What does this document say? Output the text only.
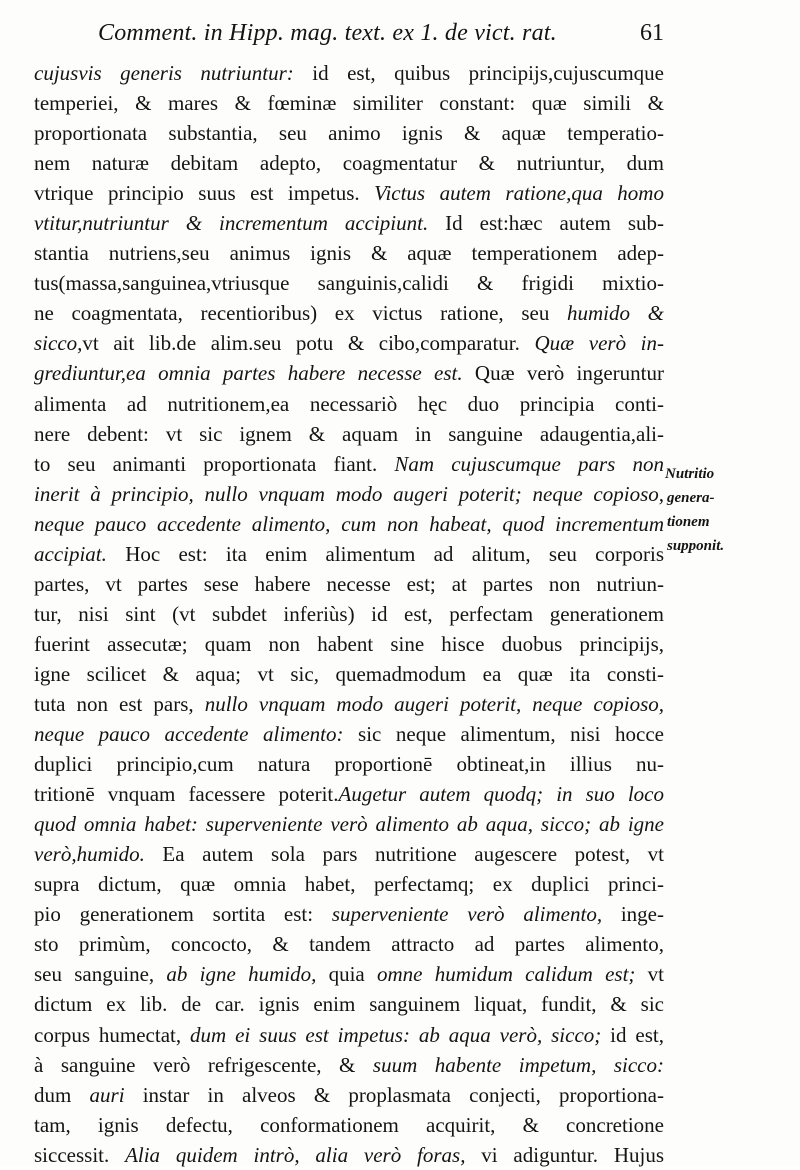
Comment. in Hipp. mag. text. ex 1. de vict. rat.	61
cujusvis generis nutriuntur: id est, quibus principijs,cujuscumque
temperiei, & mares & fœminæ similiter constant: quæ simili &
proportionata substantia, seu animo ignis & aquæ temperatio-
nem naturæ debitam adepto, coagmentatur & nutriuntur, dum
vtrique principio suus est impetus. Victus autem ratione,qua homo
vtitur,nutriuntur & incrementum accipiunt. Id est:hæc autem sub-
stantia nutriens,seu animus ignis & aquæ temperationem adep-
tus(massa,sanguinea,vtriusque sanguinis,calidi & frigidi mixtio-
ne coagmentata, recentioribus) ex victus ratione, seu humido &
sicco,vt ait lib.de alim.seu potu & cibo,comparatur. Quæ verò in-
grediuntur,ea omnia partes habere necesse est. Quæ verò ingeruntur
alimenta ad nutritionem,ea necessariò hęc duo principia conti-
nere debent: vt sic ignem & aquam in sanguine adaugentia,ali-
to seu animanti proportionata fiant. Nam cujuscumque pars non
inerit à principio, nullo vnquam modo augeri poterit; neque copioso,
neque pauco accedente alimento, cum non habeat, quod incrementum
accipiat. Hoc est: ita enim alimentum ad alitum, seu corporis
partes, vt partes sese habere necesse est; at partes non nutriun-
tur, nisi sint (vt subdet inferiùs) id est, perfectam generationem
fuerint assecutæ; quam non habent sine hisce duobus principijs,
igne scilicet & aqua; vt sic, quemadmodum ea quæ ita consti-
tuta non est pars, nullo vnquam modo augeri poterit, neque copioso,
neque pauco accedente alimento: sic neque alimentum, nisi hocce
duplici principio,cum natura proportionē obtineat,in illius nu-
tritionē vnquam facessere poterit.Augetur autem quodq; in suo loco
quod omnia habet: superveniente verò alimento ab aqua, sicco; ab igne
verò,humido. Ea autem sola pars nutritione augescere potest, vt
supra dictum, quæ omnia habet, perfectamq; ex duplici princi-
pio generationem sortita est: superveniente verò alimento, inge-
sto primùm, concocto, & tandem attracto ad partes alimento,
seu sanguine, ab igne humido, quia omne humidum calidum est; vt
dictum ex lib. de car. ignis enim sanguinem liquat, fundit, & sic
corpus humectat, dum ei suus est impetus: ab aqua verò, sicco; id est,
à sanguine verò refrigescente, & suum habente impetum, sicco:
dum auri instar in alveos & proplasmata conjecti, proportiona-
tam, ignis defectu, conformationem acquirit, & concretione
siccessit. Alia quidem intrò, alia verò foras, vi adiguntur. Hujus
Nutritio
genera-
tionem
supponit.
